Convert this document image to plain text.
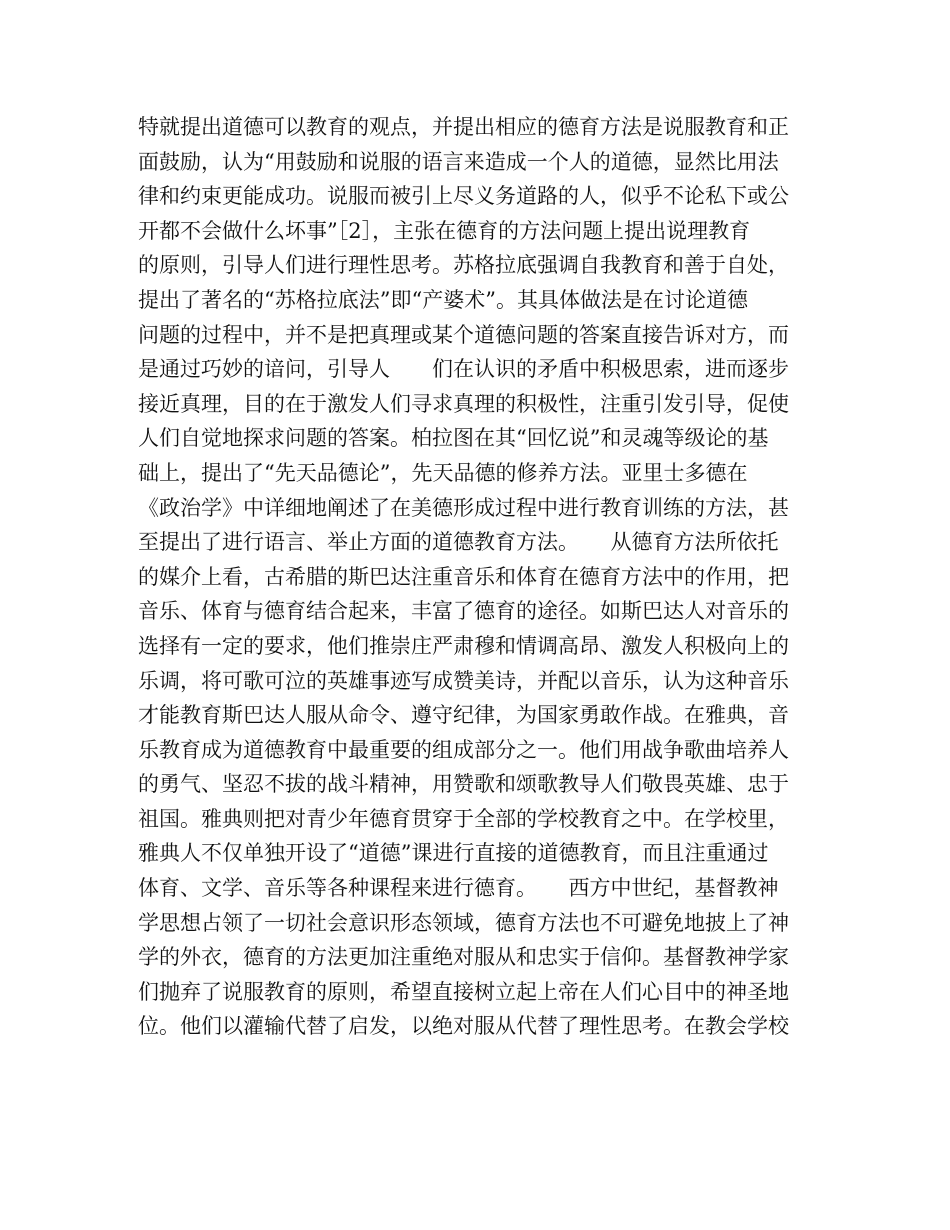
特就提出道德可以教育的观点，并提出相应的德育方法是说服教育和正
面鼓励，认为“用鼓励和说服的语言来造成一个人的道德，显然比用法
律和约束更能成功。说服而被引上尽义务道路的人，似乎不论私下或公
开都不会做什么坏事”［2］，主张在德育的方法问题上提出说理教育
的原则，引导人们进行理性思考。苏格拉底强调自我教育和善于自处，
提出了著名的“苏格拉底法”即“产婆术”。其具体做法是在讨论道德
问题的过程中，并不是把真理或某个道德问题的答案直接告诉对方，而
是通过巧妙的谙问，引导人　　们在认识的矛盾中积极思索，进而逐步
接近真理，目的在于激发人们寻求真理的积极性，注重引发引导，促使
人们自觉地探求问题的答案。柏拉图在其“回忆说”和灵魂等级论的基
础上，提出了“先天品德论”，先天品德的修养方法。亚里士多德在
《政治学》中详细地阐述了在美德形成过程中进行教育训练的方法，甚
至提出了进行语言、举止方面的道德教育方法。　　从德育方法所依托
的媒介上看，古希腊的斯巴达注重音乐和体育在德育方法中的作用，把
音乐、体育与德育结合起来，丰富了德育的途径。如斯巴达人对音乐的
选择有一定的要求，他们推崇庄严肃穆和情调高昂、激发人积极向上的
乐调，将可歌可泣的英雄事迹写成赞美诗，并配以音乐，认为这种音乐
才能教育斯巴达人服从命令、遵守纪律，为国家勇敢作战。在雅典，音
乐教育成为道德教育中最重要的组成部分之一。他们用战争歌曲培养人
的勇气、坚忍不拔的战斗精神，用赞歌和颂歌教导人们敬畏英雄、忠于
祖国。雅典则把对青少年德育贯穿于全部的学校教育之中。在学校里，
雅典人不仅单独开设了“道德”课进行直接的道德教育，而且注重通过
体育、文学、音乐等各种课程来进行德育。　　西方中世纪，基督教神
学思想占领了一切社会意识形态领域，德育方法也不可避免地披上了神
学的外衣，德育的方法更加注重绝对服从和忠实于信仰。基督教神学家
们抛弃了说服教育的原则，希望直接树立起上帝在人们心目中的神圣地
位。他们以灌输代替了启发，以绝对服从代替了理性思考。在教会学校
